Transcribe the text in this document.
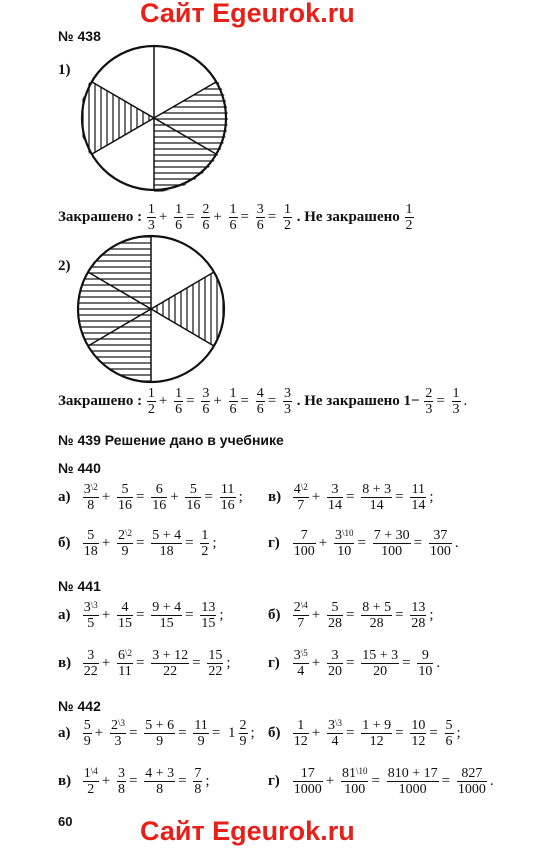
Сайт Egeurok.ru
№ 438
1)
Закрашено : $\frac{1}{3} + \frac{1}{6} = \frac{2}{6} + \frac{1}{6} = \frac{3}{6} = \frac{1}{2}$ . Не закрашено $\frac{1}{2}$
2)
Закрашено : $\frac{1}{2} + \frac{1}{6} = \frac{3}{6} + \frac{1}{6} = \frac{4}{6} = \frac{3}{3}$ . Не закрашено $1- \frac{2}{3} = \frac{1}{3}$ .
№ 439 Решение дано в учебнике
№ 440
$а) \frac{3^{\backslash 2}}{8} + \frac{5}{16} = \frac{6}{16} + \frac{5}{16} = \frac{11}{16}$ ; $в) \frac{4^{\backslash 2}}{7} + \frac{3}{14} = \frac{8 + 3}{14} = \frac{11}{14}$ ;
$б) \frac{5}{18} + \frac{2^{\backslash 2}}{9} = \frac{5 + 4}{18} = \frac{1}{2}$ ;	$г) \frac{7}{100} + \frac{3^{\backslash 10}}{10} = \frac{7 + 30}{100} = \frac{37}{100}$ .
№ 441
$а) \frac{3^{\backslash 3}}{5} + \frac{4}{15} = \frac{9 + 4}{15} = \frac{13}{15}$ ;	$б) \frac{2^{\backslash 4}}{7} + \frac{5}{28} = \frac{8 + 5}{28} = \frac{13}{28}$ ;
$в) \frac{3}{22} + \frac{6^{\backslash 2}}{11} = \frac{3 + 12}{22} = \frac{15}{22}$ ;	$г) \frac{3^{\backslash 5}}{4} + \frac{3}{20} = \frac{15 + 3}{20} = \frac{9}{10}$ .
№ 442
$а) \frac{5}{9} + \frac{2^{\backslash 3}}{3} = \frac{5 + 6}{9} = \frac{11}{9} = 1 \frac{2}{9}$ ; $б) \frac{1}{12} + \frac{3^{\backslash 3}}{4} = \frac{1 + 9}{12} = \frac{10}{12} = \frac{5}{6}$ ;
$в) \frac{1^{\backslash 4}}{2} + \frac{3}{8} = \frac{4 + 3}{8} = \frac{7}{8}$ ;	$г) \frac{17}{1000} + \frac{81^{\backslash 10}}{100} = \frac{810 + 17}{1000} = \frac{827}{1000}$ .
60	Сайт Egeurok.ru
